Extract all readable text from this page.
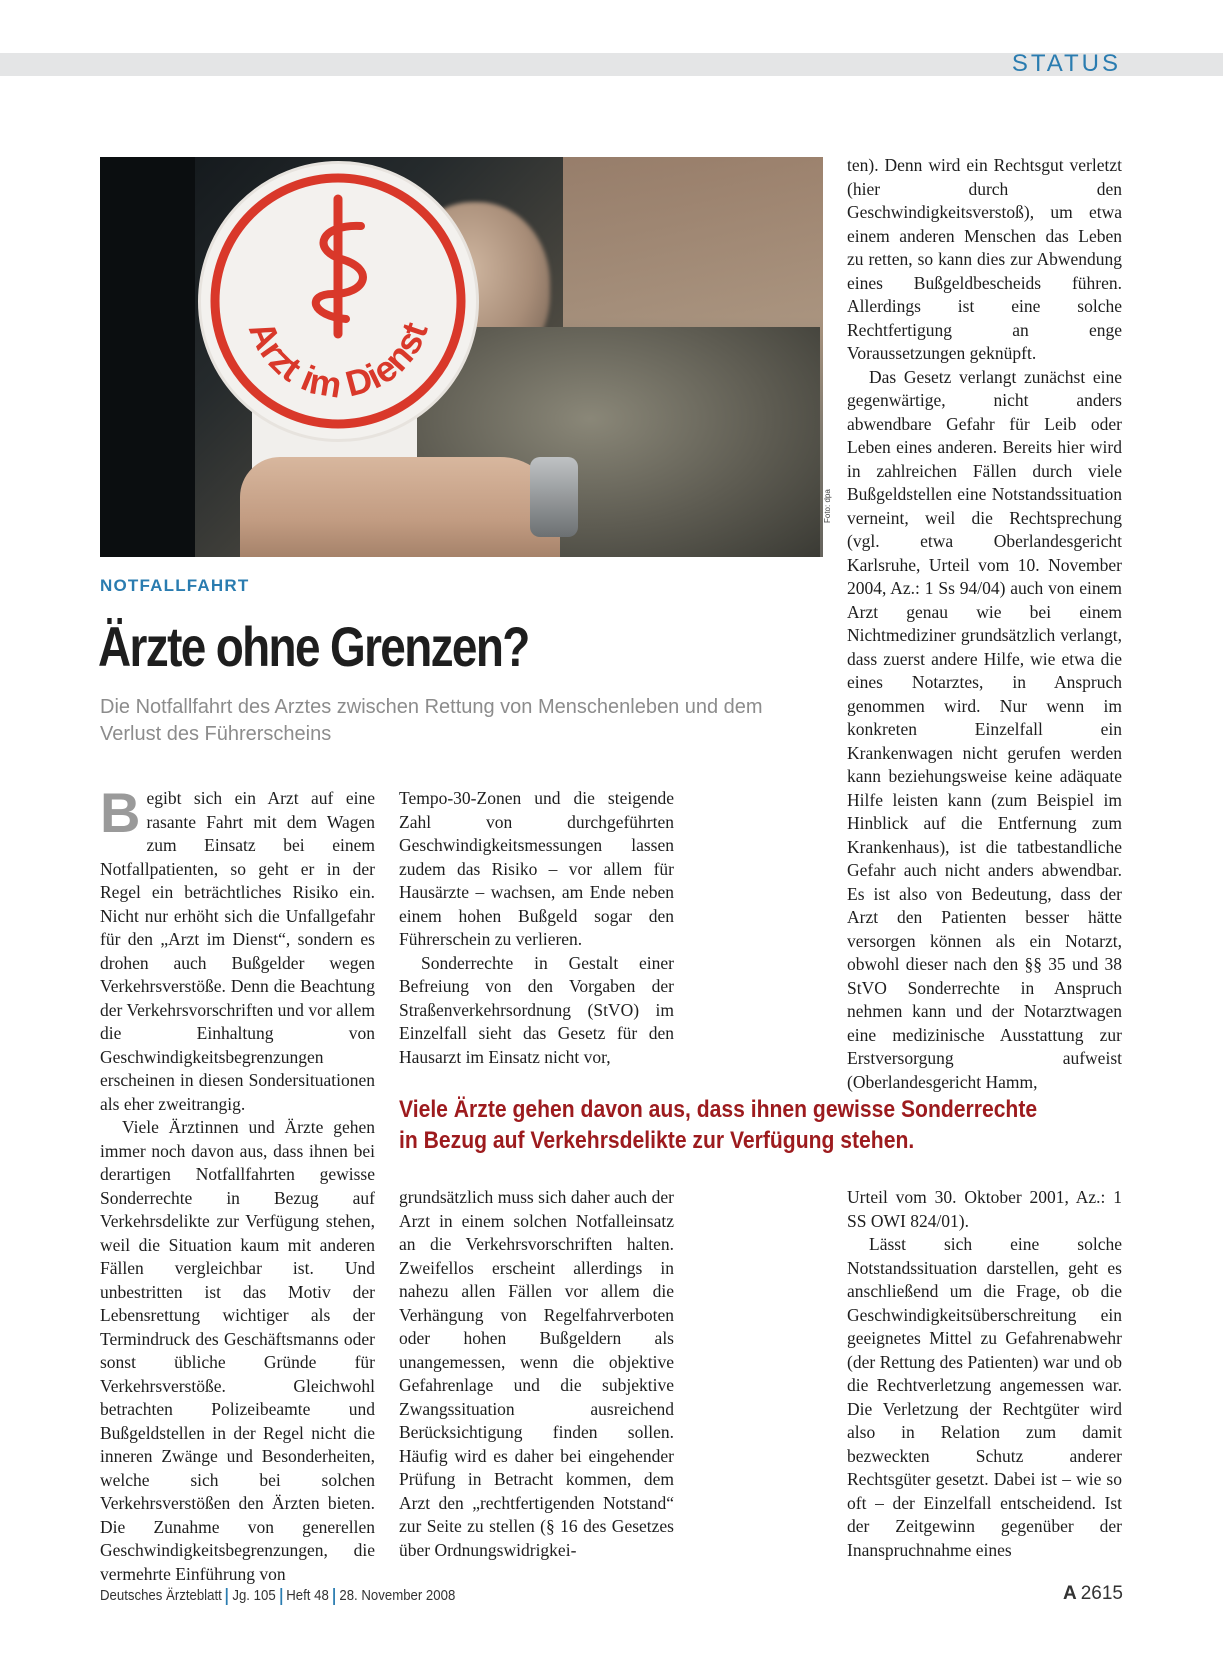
STATUS
Arzt im Dienst
Foto: dpa
NOTFALLFAHRT
Ärzte ohne Grenzen?
Die Notfallfahrt des Arztes zwischen Rettung von Menschenleben und dem Verlust des Führerscheins

Begibt sich ein Arzt auf eine rasante Fahrt mit dem Wagen zum Einsatz bei einem Notfallpatienten, so geht er in der Regel ein beträchtliches Risiko ein. Nicht nur erhöht sich die Unfallgefahr für den „Arzt im Dienst“, sondern es drohen auch Bußgelder wegen Verkehrsverstöße. Denn die Beachtung der Verkehrsvorschriften und vor allem die Einhaltung von Geschwindigkeitsbegrenzungen erscheinen in diesen Sondersituationen als eher zweitrangig.

Viele Ärztinnen und Ärzte gehen immer noch davon aus, dass ihnen bei derartigen Notfallfahrten gewisse Sonderrechte in Bezug auf Verkehrsdelikte zur Verfügung stehen, weil die Situation kaum mit anderen Fällen vergleichbar ist. Und unbestritten ist das Motiv der Lebensrettung wichtiger als der Termindruck des Geschäftsmanns oder sonst übliche Gründe für Verkehrsverstöße. Gleichwohl betrachten Polizeibeamte und Bußgeldstellen in der Regel nicht die inneren Zwänge und Besonderheiten, welche sich bei solchen Verkehrsverstößen den Ärzten bieten. Die Zunahme von generellen Geschwindigkeitsbegrenzungen, die vermehrte Einführung von

Tempo-30-Zonen und die steigende Zahl von durchgeführten Geschwindigkeitsmessungen lassen zudem das Risiko – vor allem für Hausärzte – wachsen, am Ende neben einem hohen Bußgeld sogar den Führerschein zu verlieren.

Sonderrechte in Gestalt einer Befreiung von den Vorgaben der Straßenverkehrsordnung (StVO) im Einzelfall sieht das Gesetz für den Hausarzt im Einsatz nicht vor,

Viele Ärzte gehen davon aus, dass ihnen gewisse Sonderrechte in Bezug auf Verkehrsdelikte zur Verfügung stehen.

grundsätzlich muss sich daher auch der Arzt in einem solchen Notfalleinsatz an die Verkehrsvorschriften halten. Zweifellos erscheint allerdings in nahezu allen Fällen vor allem die Verhängung von Regelfahrverboten oder hohen Bußgeldern als unangemessen, wenn die objektive Gefahrenlage und die subjektive Zwangssituation ausreichend Berücksichtigung finden sollen. Häufig wird es daher bei eingehender Prüfung in Betracht kommen, dem Arzt den „rechtfertigenden Notstand“ zur Seite zu stellen (§ 16 des Gesetzes über Ordnungswidrigkei-

ten). Denn wird ein Rechtsgut verletzt (hier durch den Geschwindigkeitsverstoß), um etwa einem anderen Menschen das Leben zu retten, so kann dies zur Abwendung eines Bußgeldbescheids führen. Allerdings ist eine solche Rechtfertigung an enge Voraussetzungen geknüpft.

Das Gesetz verlangt zunächst eine gegenwärtige, nicht anders abwendbare Gefahr für Leib oder Leben eines anderen. Bereits hier wird in zahlreichen Fällen durch viele Bußgeldstellen eine Notstandssituation verneint, weil die Rechtsprechung (vgl. etwa Oberlandesgericht Karlsruhe, Urteil vom 10. November 2004, Az.: 1 Ss 94/04) auch von einem Arzt genau wie bei einem Nichtmediziner grundsätzlich verlangt, dass zuerst andere Hilfe, wie etwa die eines Notarztes, in Anspruch genommen wird. Nur wenn im konkreten Einzelfall ein Krankenwagen nicht gerufen werden kann beziehungsweise keine adäquate Hilfe leisten kann (zum Beispiel im Hinblick auf die Entfernung zum Krankenhaus), ist die tatbestandliche Gefahr auch nicht anders abwendbar. Es ist also von Bedeutung, dass der Arzt den Patienten besser hätte versorgen können als ein Notarzt, obwohl dieser nach den §§ 35 und 38 StVO Sonderrechte in Anspruch nehmen kann und der Notarztwagen eine medizinische Ausstattung zur Erstversorgung aufweist (Oberlandesgericht Hamm,

Urteil vom 30. Oktober 2001, Az.: 1 SS OWI 824/01).

Lässt sich eine solche Notstandssituation darstellen, geht es anschließend um die Frage, ob die Geschwindigkeitsüberschreitung ein geeignetes Mittel zu Gefahrenabwehr (der Rettung des Patienten) war und ob die Rechtverletzung angemessen war. Die Verletzung der Rechtgüter wird also in Relation zum damit bezweckten Schutz anderer Rechtsgüter gesetzt. Dabei ist – wie so oft – der Einzelfall entscheidend. Ist der Zeitgewinn gegenüber der Inanspruchnahme eines

Deutsches Ärzteblatt Jg. 105 Heft 48 28. November 2008	A 2615
